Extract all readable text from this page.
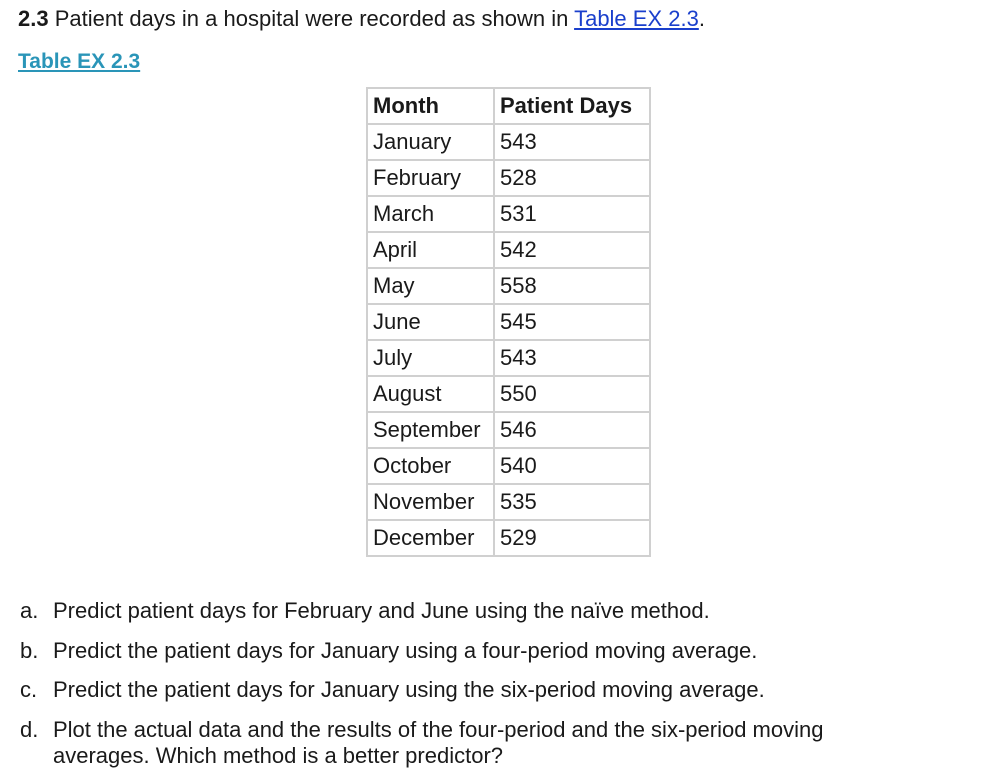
2.3 Patient days in a hospital were recorded as shown in Table EX 2.3.
Table EX 2.3
Month	Patient Days
January	543
February	528
March	531
April	542
May	558
June	545
July	543
August	550
September	546
October	540
November	535
December	529
a. Predict patient days for February and June using the naïve method.
b. Predict the patient days for January using a four-period moving average.
c. Predict the patient days for January using the six-period moving average.
d. Plot the actual data and the results of the four-period and the six-period moving averages. Which method is a better predictor?
